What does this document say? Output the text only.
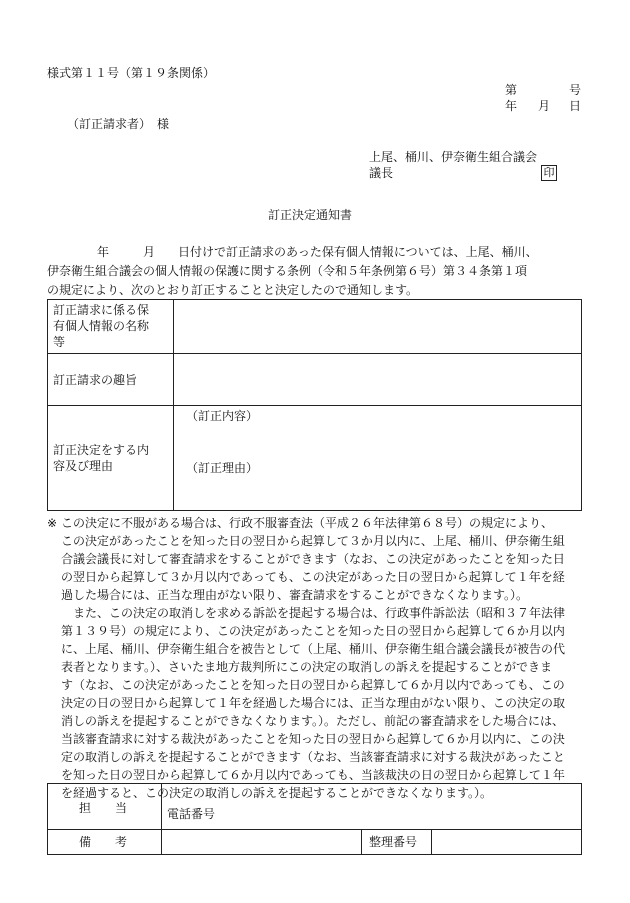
様式第１１号（第１９条関係）
第	号
年 月 日
（訂正請求者）　様
上尾、桶川、伊奈衛生組合議会
議長	印
訂正決定通知書
年	月 日付けで訂正請求のあった保有個人情報については、上尾、桶川、
伊奈衛生組合議会の個人情報の保護に関する条例（令和５年条例第６号）第３４条第１項
の規定により、次のとおり訂正することと決定したので通知します。
訂正請求に係る保
有個人情報の名称
等
訂正請求の趣旨
訂正決定をする内
容及び理由
（訂正内容）
（訂正理由）
※ この決定に不服がある場合は、行政不服審査法（平成２６年法律第６８号）の規定により、
この決定があったことを知った日の翌日から起算して３か月以内に、上尾、桶川、伊奈衛生組
合議会議長に対して審査請求をすることができます（なお、この決定があったことを知った日
の翌日から起算して３か月以内であっても、この決定があった日の翌日から起算して１年を経
過した場合には、正当な理由がない限り、審査請求をすることができなくなります。）。
　また、この決定の取消しを求める訴訟を提起する場合は、行政事件訴訟法（昭和３７年法律
第１３９号）の規定により、この決定があったことを知った日の翌日から起算して６か月以内
に、上尾、桶川、伊奈衛生組合を被告として（上尾、桶川、伊奈衛生組合議会議長が被告の代
表者となります。）、さいたま地方裁判所にこの決定の取消しの訴えを提起することができま
す（なお、この決定があったことを知った日の翌日から起算して６か月以内であっても、この
決定の日の翌日から起算して１年を経過した場合には、正当な理由がない限り、この決定の取
消しの訴えを提起することができなくなります。）。ただし、前記の審査請求をした場合には、
当該審査請求に対する裁決があったことを知った日の翌日から起算して６か月以内に、この決
定の取消しの訴えを提起することができます（なお、当該審査請求に対する裁決があったこと
を知った日の翌日から起算して６か月以内であっても、当該裁決の日の翌日から起算して１年
を経過すると、この決定の取消しの訴えを提起することができなくなります。）。
担　　当	電話番号
備　　考	整理番号
